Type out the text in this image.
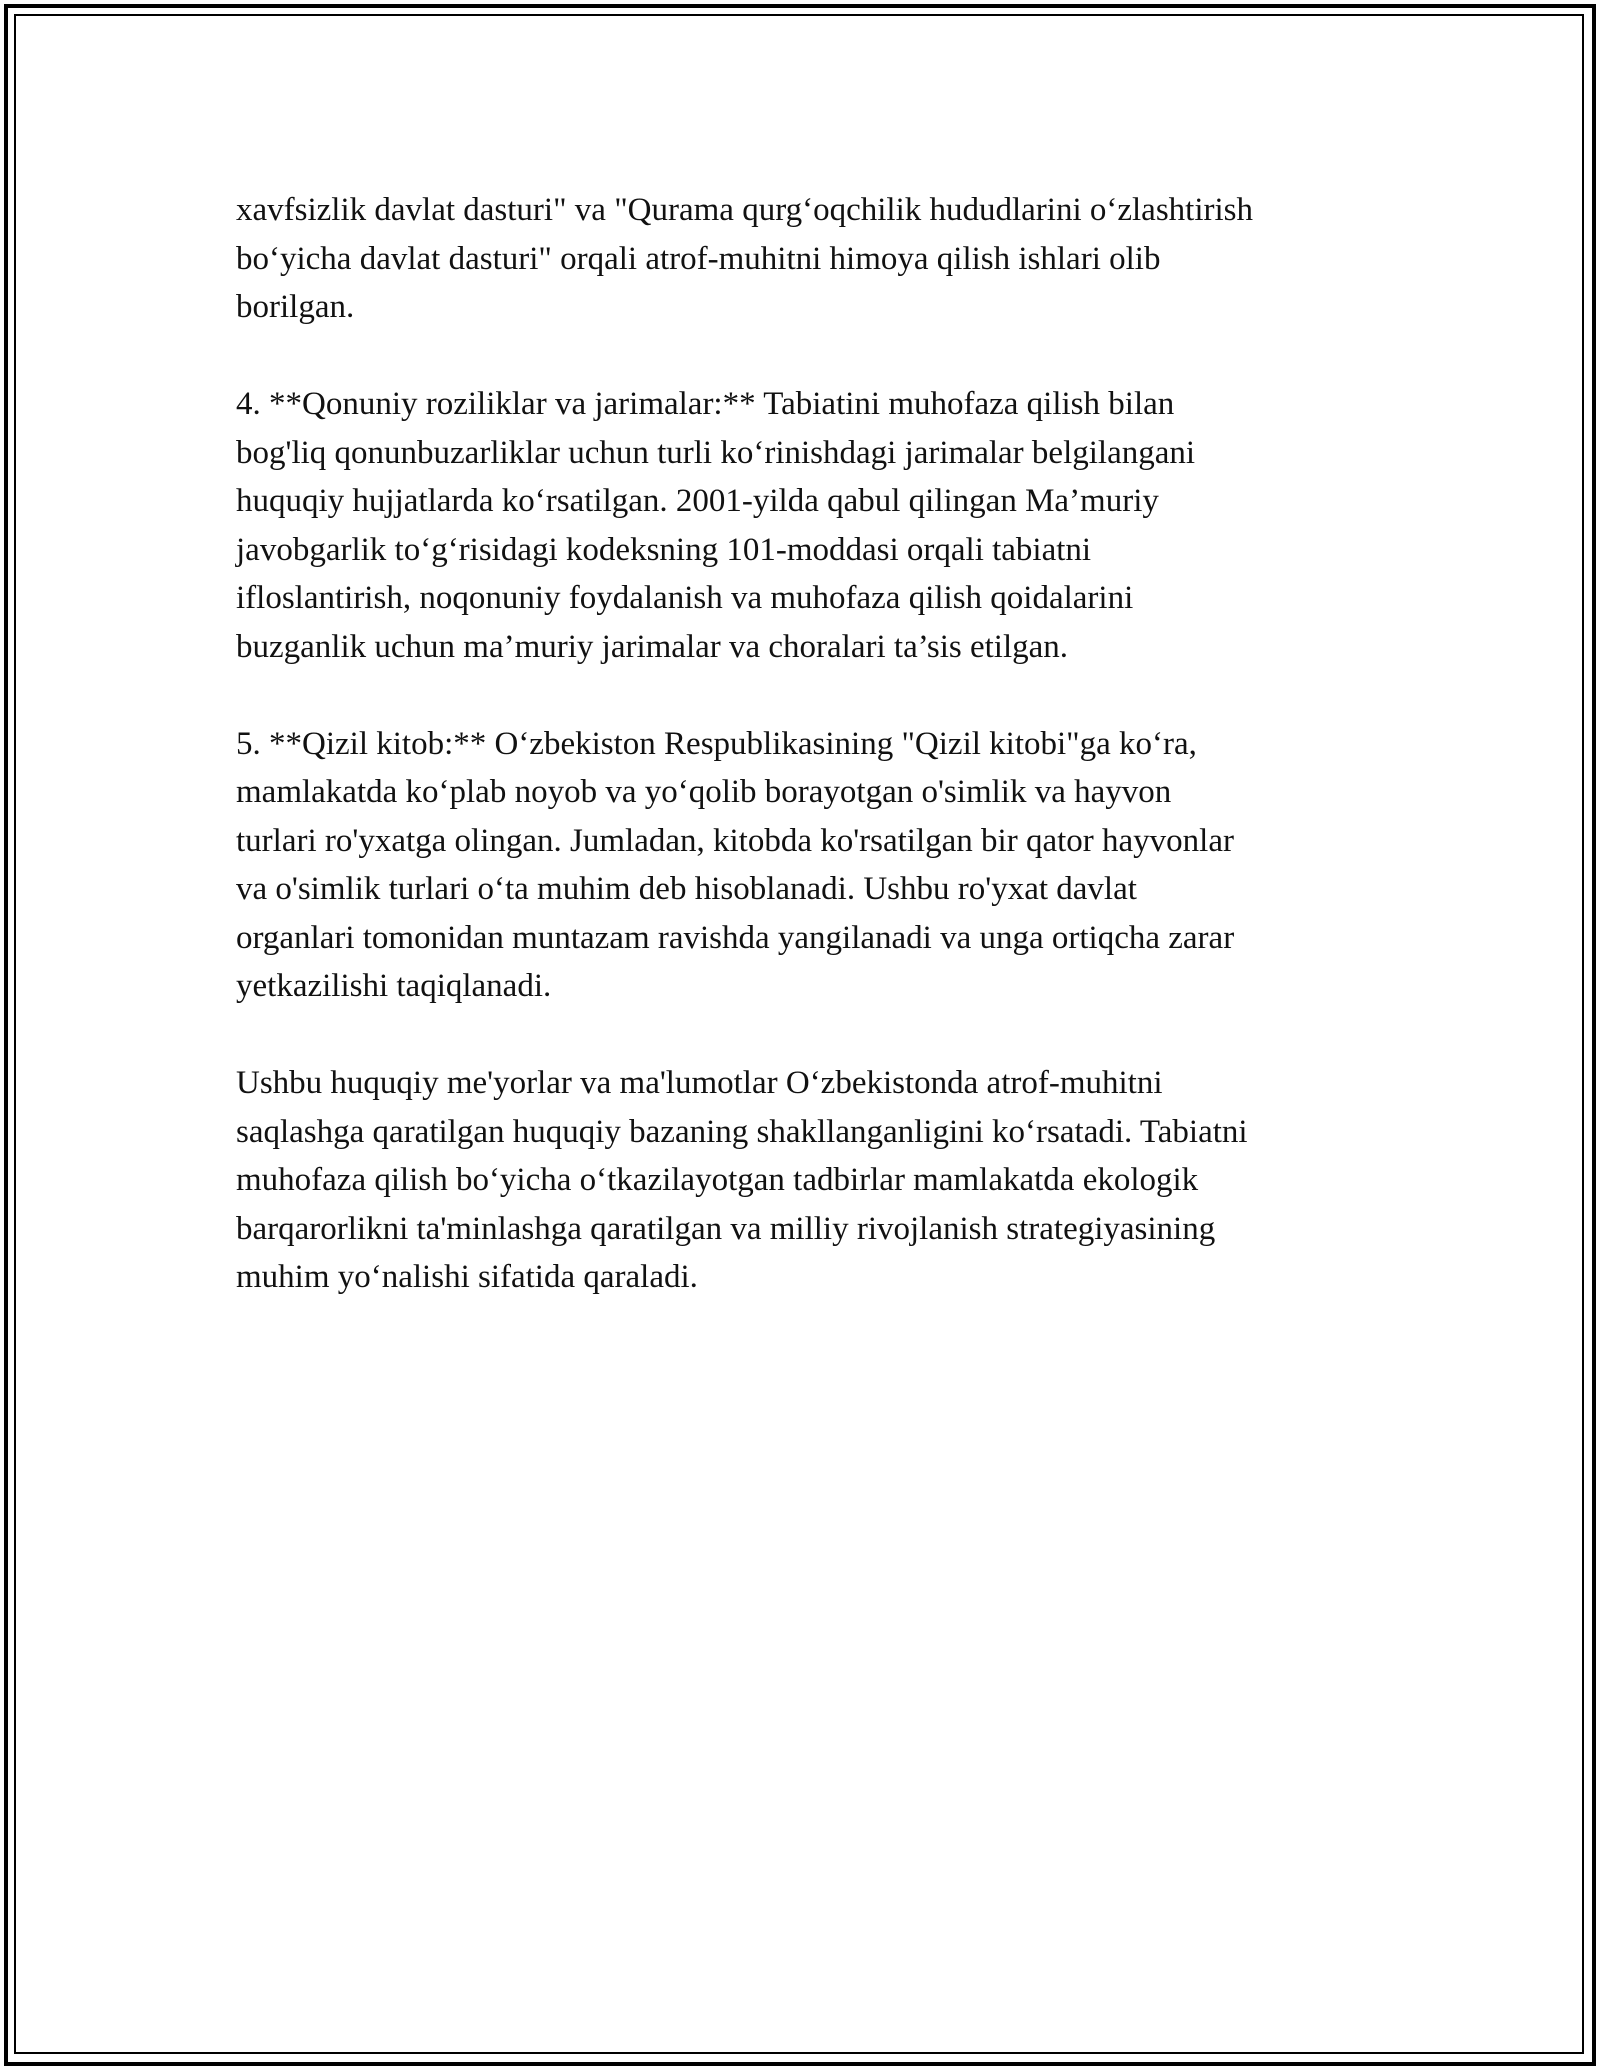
xavfsizlik davlat dasturi" va "Qurama qurg‘oqchilik hududlarini o‘zlashtirish
bo‘yicha davlat dasturi" orqali atrof-muhitni himoya qilish ishlari olib
borilgan.

4. **Qonuniy roziliklar va jarimalar:** Tabiatini muhofaza qilish bilan
bog'liq qonunbuzarliklar uchun turli ko‘rinishdagi jarimalar belgilangani
huquqiy hujjatlarda ko‘rsatilgan. 2001-yilda qabul qilingan Ma’muriy
javobgarlik to‘g‘risidagi kodeksning 101-moddasi orqali tabiatni
ifloslantirish, noqonuniy foydalanish va muhofaza qilish qoidalarini
buzganlik uchun ma’muriy jarimalar va choralari ta’sis etilgan.

5. **Qizil kitob:** O‘zbekiston Respublikasining "Qizil kitobi"ga ko‘ra,
mamlakatda ko‘plab noyob va yo‘qolib borayotgan o'simlik va hayvon
turlari ro'yxatga olingan. Jumladan, kitobda ko'rsatilgan bir qator hayvonlar
va o'simlik turlari o‘ta muhim deb hisoblanadi. Ushbu ro'yxat davlat
organlari tomonidan muntazam ravishda yangilanadi va unga ortiqcha zarar
yetkazilishi taqiqlanadi.

Ushbu huquqiy me'yorlar va ma'lumotlar O‘zbekistonda atrof-muhitni
saqlashga qaratilgan huquqiy bazaning shakllanganligini ko‘rsatadi. Tabiatni
muhofaza qilish bo‘yicha o‘tkazilayotgan tadbirlar mamlakatda ekologik
barqarorlikni ta'minlashga qaratilgan va milliy rivojlanish strategiyasining
muhim yo‘nalishi sifatida qaraladi.
